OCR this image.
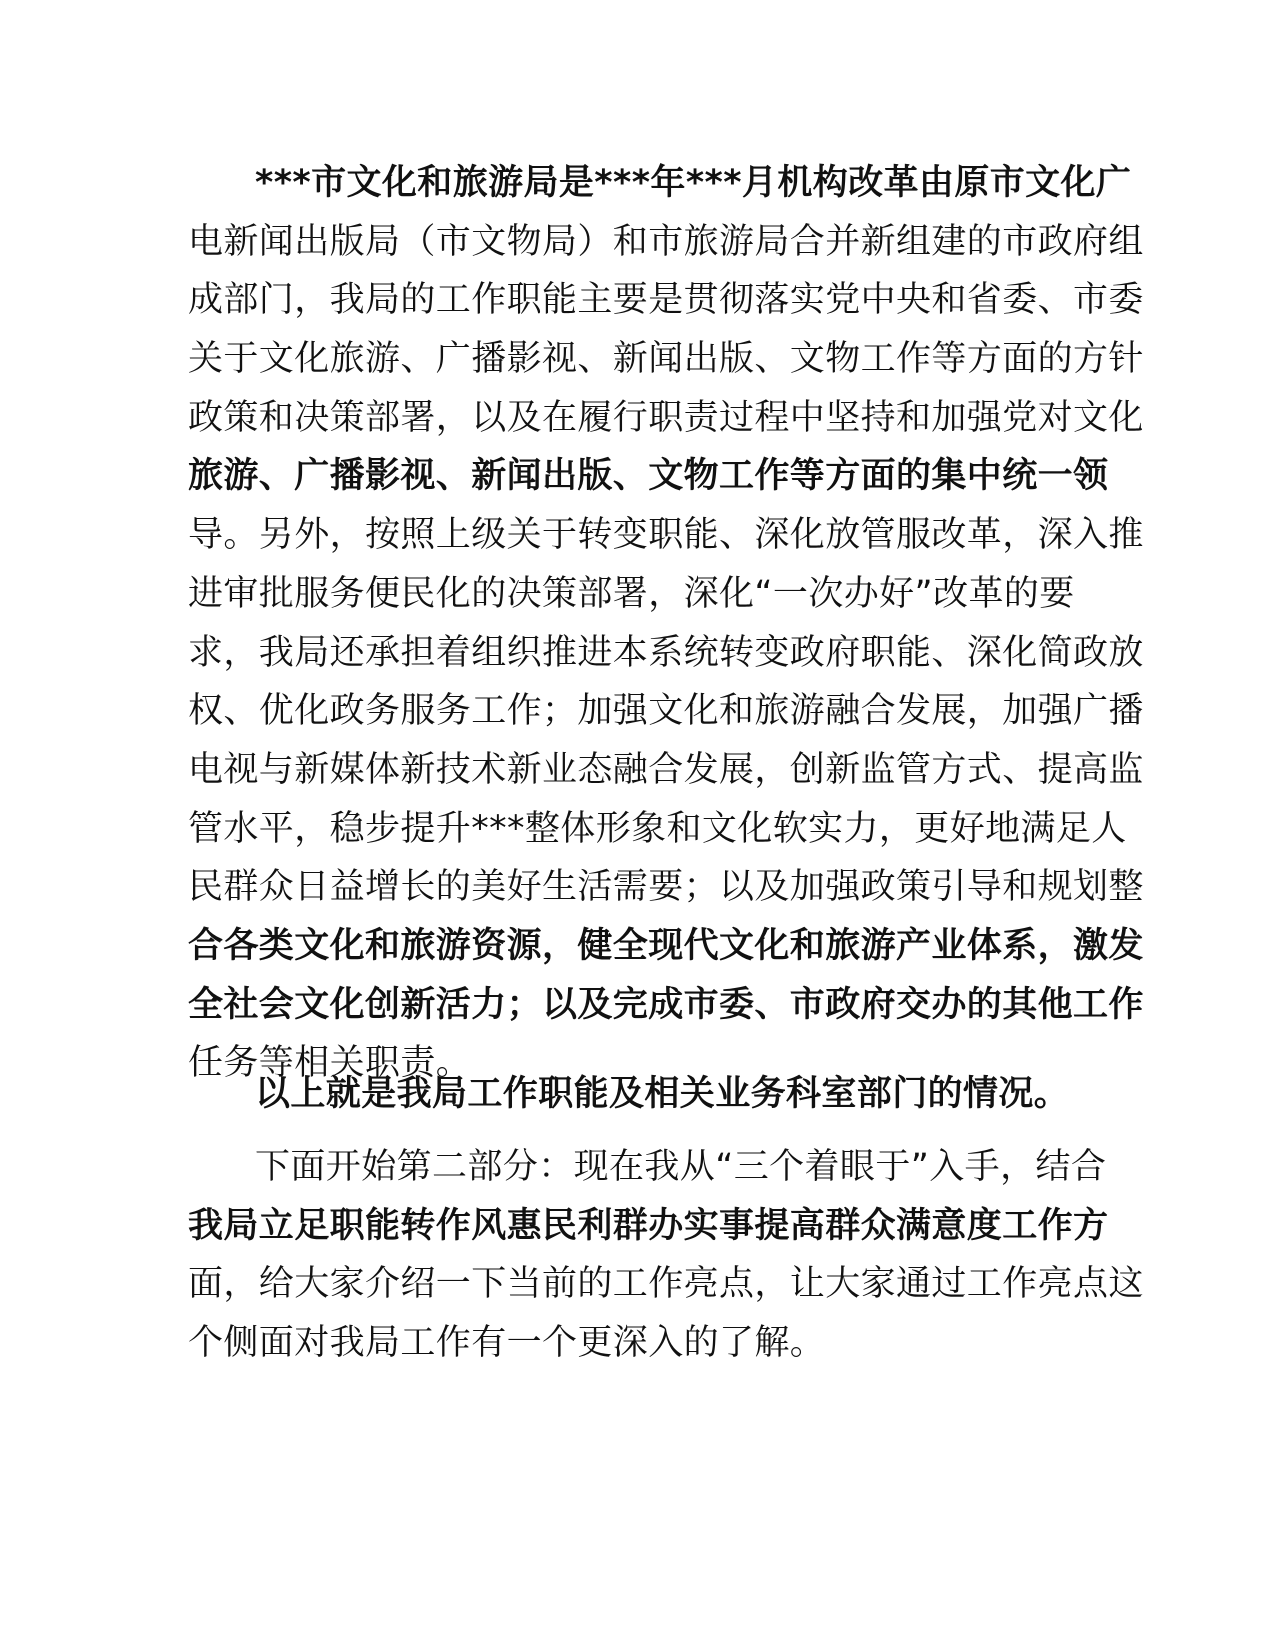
***市文化和旅游局是***年***月机构改革由原市文化广
电新闻出版局（市文物局）和市旅游局合并新组建的市政府组
成部门，我局的工作职能主要是贯彻落实党中央和省委、市委
关于文化旅游、广播影视、新闻出版、文物工作等方面的方针
政策和决策部署，以及在履行职责过程中坚持和加强党对文化
旅游、广播影视、新闻出版、文物工作等方面的集中统一领
导。另外，按照上级关于转变职能、深化放管服改革，深入推
进审批服务便民化的决策部署，深化“一次办好”改革的要
求，我局还承担着组织推进本系统转变政府职能、深化简政放
权、优化政务服务工作；加强文化和旅游融合发展，加强广播
电视与新媒体新技术新业态融合发展，创新监管方式、提高监
管水平，稳步提升***整体形象和文化软实力，更好地满足人
民群众日益增长的美好生活需要；以及加强政策引导和规划整
合各类文化和旅游资源，健全现代文化和旅游产业体系，激发
全社会文化创新活力；以及完成市委、市政府交办的其他工作
任务等相关职责。
以上就是我局工作职能及相关业务科室部门的情况。
下面开始第二部分：现在我从“三个着眼于”入手，结合
我局立足职能转作风惠民利群办实事提高群众满意度工作方
面，给大家介绍一下当前的工作亮点，让大家通过工作亮点这
个侧面对我局工作有一个更深入的了解。
